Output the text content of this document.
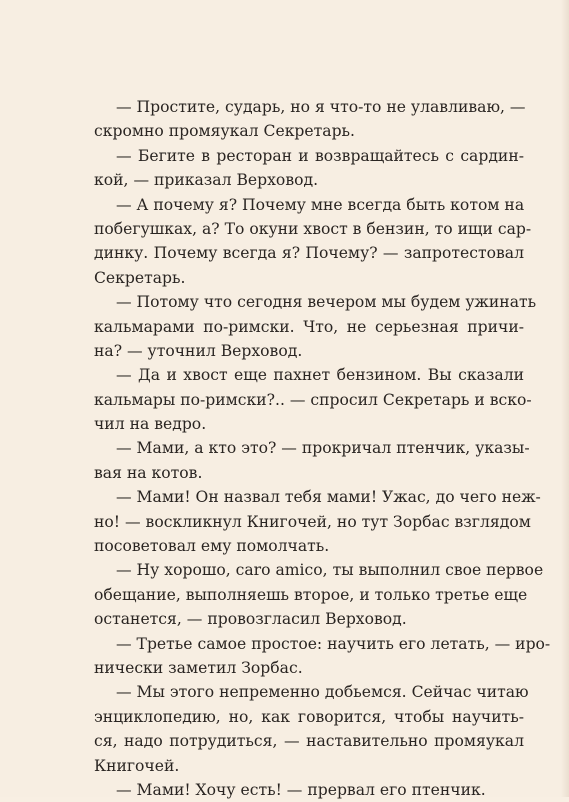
— Простите, сударь, но я что-то не улавливаю, —
скромно промяукал Секретарь.
— Бегите в ресторан и возвращайтесь с сардин-
кой, — приказал Верховод.
— А почему я? Почему мне всегда быть котом на
побегушках, а? То окуни хвост в бензин, то ищи сар-
динку. Почему всегда я? Почему? — запротестовал
Секретарь.
— Потому что сегодня вечером мы будем ужинать
кальмарами по-римски. Что, не серьезная причи-
на? — уточнил Верховод.
— Да и хвост еще пахнет бензином. Вы сказали
кальмары по-римски?.. — спросил Секретарь и вско-
чил на ведро.
— Мами, а кто это? — прокричал птенчик, указы-
вая на котов.
— Мами! Он назвал тебя мами! Ужас, до чего неж-
но! — воскликнул Книгочей, но тут Зорбас взглядом
посоветовал ему помолчать.
— Ну хорошо, caro amico, ты выполнил свое первое
обещание, выполняешь второе, и только третье еще
останется, — провозгласил Верховод.
— Третье самое простое: научить его летать, — иро-
нически заметил Зорбас.
— Мы этого непременно добьемся. Сейчас читаю
энциклопедию, но, как говорится, чтобы научить-
ся, надо потрудиться, — наставительно промяукал
Книгочей.
— Мами! Хочу есть! — прервал его птенчик.
